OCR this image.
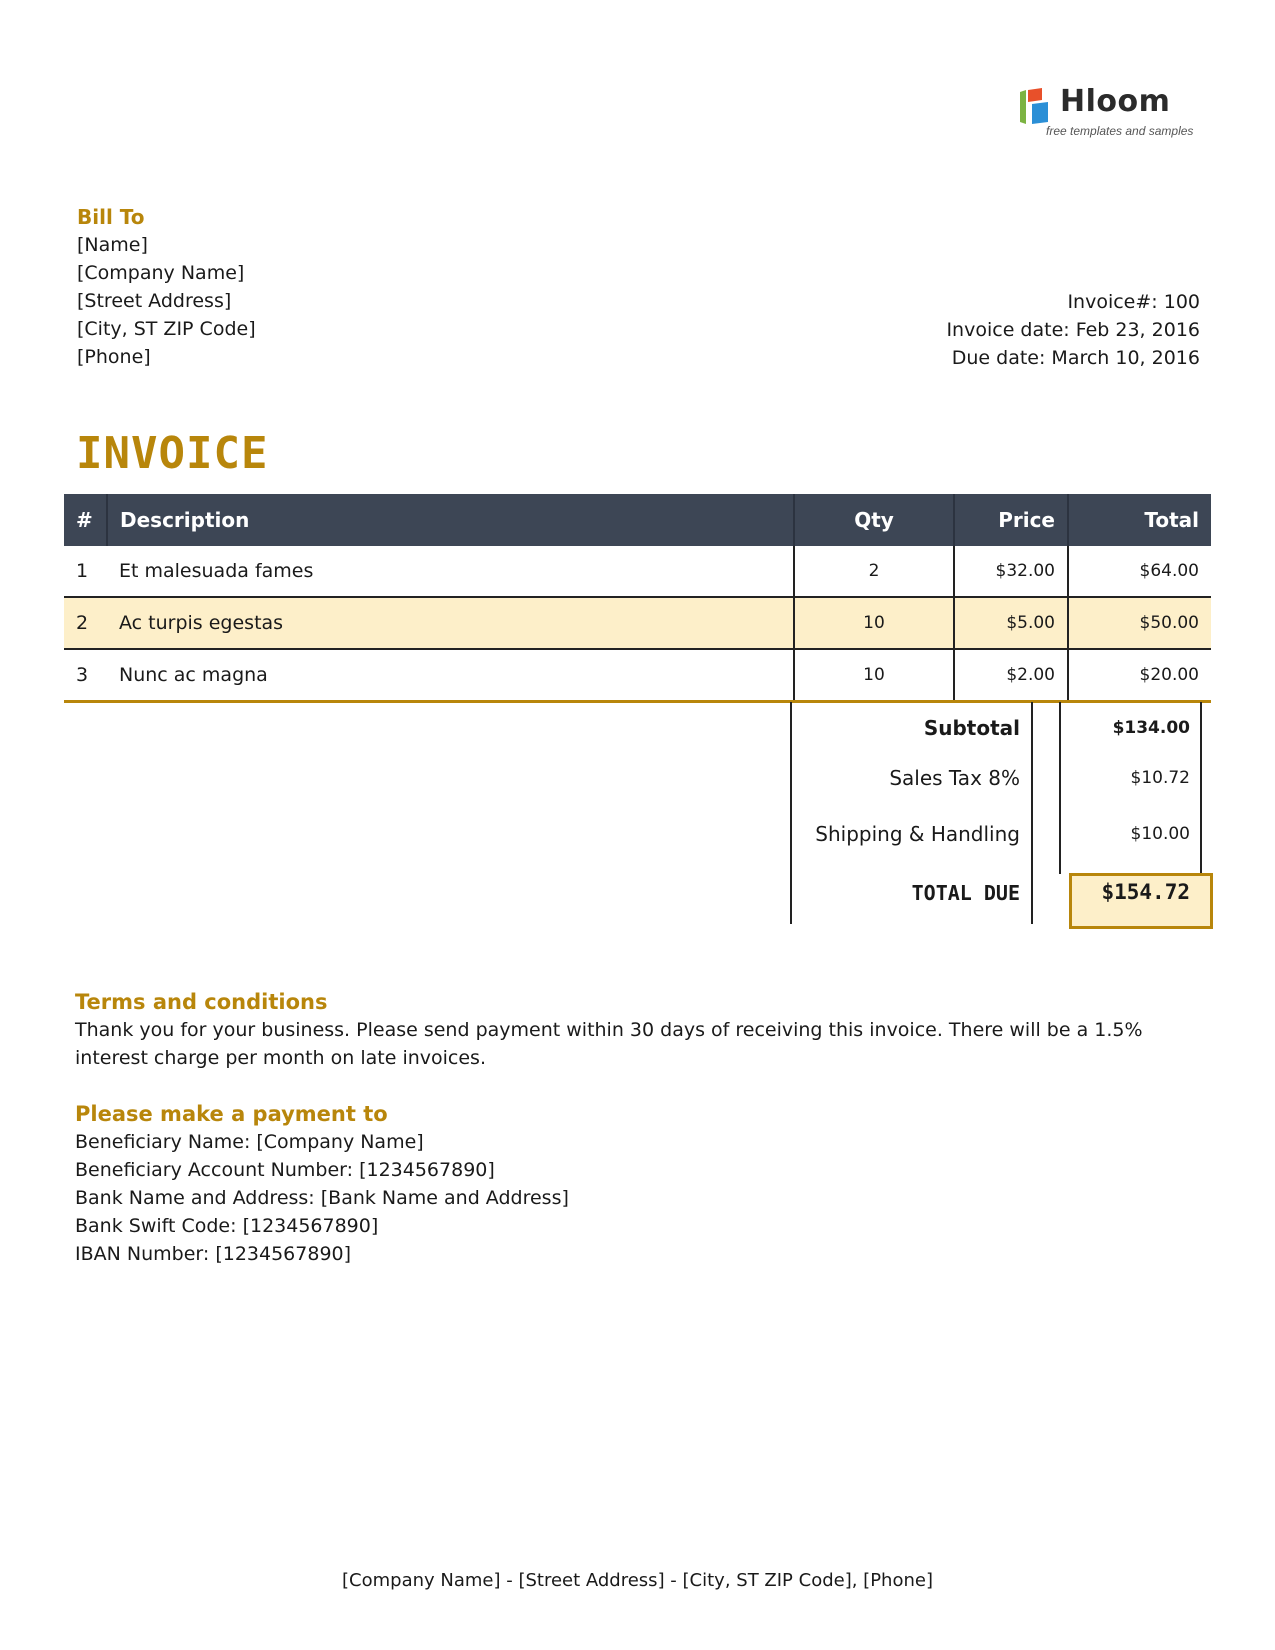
Hloom
free templates and samples
Bill To
[Name]
[Company Name]
[Street Address]
[City, ST ZIP Code]
[Phone]
Invoice#: 100
Invoice date: Feb 23, 2016
Due date: March 10, 2016
INVOICE
#	Description	Qty	Price	Total
1	Et malesuada fames	2	$32.00	$64.00
2	Ac turpis egestas	10	$5.00	$50.00
3	Nunc ac magna	10	$2.00	$20.00
Subtotal	$134.00
Sales Tax 8%	$10.72
Shipping & Handling	$10.00
TOTAL DUE	$154.72
Terms and conditions
Thank you for your business. Please send payment within 30 days of receiving this invoice. There will be a 1.5% interest charge per month on late invoices.
Please make a payment to
Beneficiary Name: [Company Name]
Beneficiary Account Number: [1234567890]
Bank Name and Address: [Bank Name and Address]
Bank Swift Code: [1234567890]
IBAN Number: [1234567890]
[Company Name] - [Street Address] - [City, ST ZIP Code], [Phone]
